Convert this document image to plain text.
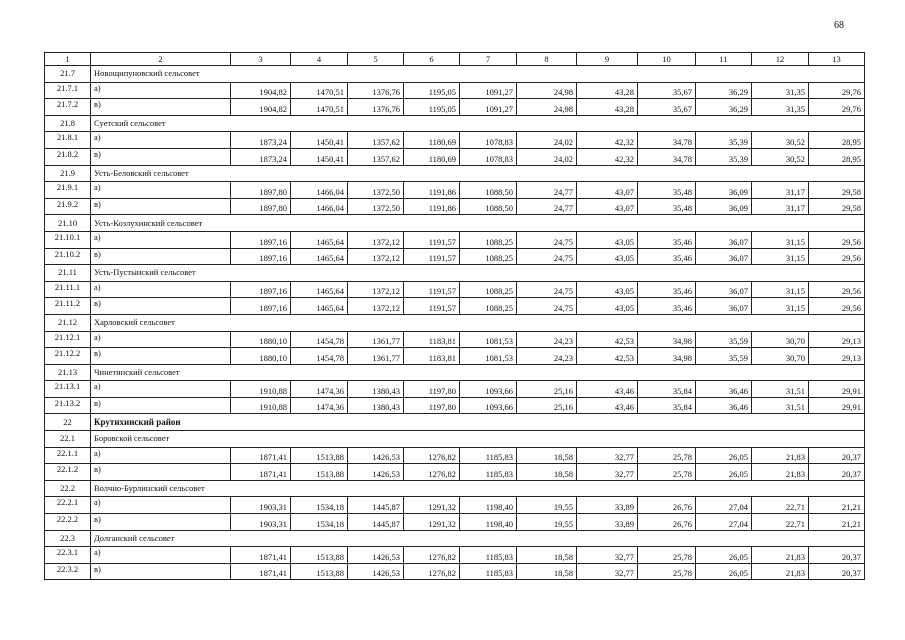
68
1	2	3	4	5	6	7	8	9	10	11	12	13
21.7	Новощипуновский сельсовет											
21.7.1	а)	1904,82	1470,51	1376,76	1195,05	1091,27	24,98	43,28	35,67	36,29	31,35	29,76
21.7.2	в)	1904,82	1470,51	1376,76	1195,05	1091,27	24,98	43,28	35,67	36,29	31,35	29,76
21.8	Суетский сельсовет											
21.8.1	а)	1873,24	1450,41	1357,62	1180,69	1078,83	24,02	42,32	34,78	35,39	30,52	28,95
21.8.2	в)	1873,24	1450,41	1357,62	1180,69	1078,83	24,02	42,32	34,78	35,39	30,52	28,95
21.9	Усть-Беловский сельсовет											
21.9.1	а)	1897,80	1466,04	1372,50	1191,86	1088,50	24,77	43,07	35,48	36,09	31,17	29,58
21.9.2	в)	1897,80	1466,04	1372,50	1191,86	1088,50	24,77	43,07	35,48	36,09	31,17	29,58
21.10	Усть-Козлухинский сельсовет											
21.10.1	а)	1897,16	1465,64	1372,12	1191,57	1088,25	24,75	43,05	35,46	36,07	31,15	29,56
21.10.2	в)	1897,16	1465,64	1372,12	1191,57	1088,25	24,75	43,05	35,46	36,07	31,15	29,56
21.11	Усть-Пустынский сельсовет											
21.11.1	а)	1897,16	1465,64	1372,12	1191,57	1088,25	24,75	43,05	35,46	36,07	31,15	29,56
21.11.2	в)	1897,16	1465,64	1372,12	1191,57	1088,25	24,75	43,05	35,46	36,07	31,15	29,56
21.12	Харловский сельсовет											
21.12.1	а)	1880,10	1454,78	1361,77	1183,81	1081,53	24,23	42,53	34,98	35,59	30,70	29,13
21.12.2	в)	1880,10	1454,78	1361,77	1183,81	1081,53	24,23	42,53	34,98	35,59	30,70	29,13
21.13	Чинетинский сельсовет											
21.13.1	а)	1910,88	1474,36	1380,43	1197,80	1093,66	25,16	43,46	35,84	36,46	31,51	29,91
21.13.2	в)	1910,88	1474,36	1380,43	1197,80	1093,66	25,16	43,46	35,84	36,46	31,51	29,91
22	Крутихинский район											
22.1	Боровской сельсовет											
22.1.1	а)	1871,41	1513,88	1426,53	1276,82	1185,83	18,58	32,77	25,78	26,05	21,83	20,37
22.1.2	в)	1871,41	1513,88	1426,53	1276,82	1185,83	18,58	32,77	25,78	26,05	21,83	20,37
22.2	Волчно-Бурлинский сельсовет											
22.2.1	а)	1903,31	1534,18	1445,87	1291,32	1198,40	19,55	33,89	26,76	27,04	22,71	21,21
22.2.2	в)	1903,31	1534,18	1445,87	1291,32	1198,40	19,55	33,89	26,76	27,04	22,71	21,21
22.3	Долганский сельсовет											
22.3.1	а)	1871,41	1513,88	1426,53	1276,82	1185,83	18,58	32,77	25,78	26,05	21,83	20,37
22.3.2	в)	1871,41	1513,88	1426,53	1276,82	1185,83	18,58	32,77	25,78	26,05	21,83	20,37
